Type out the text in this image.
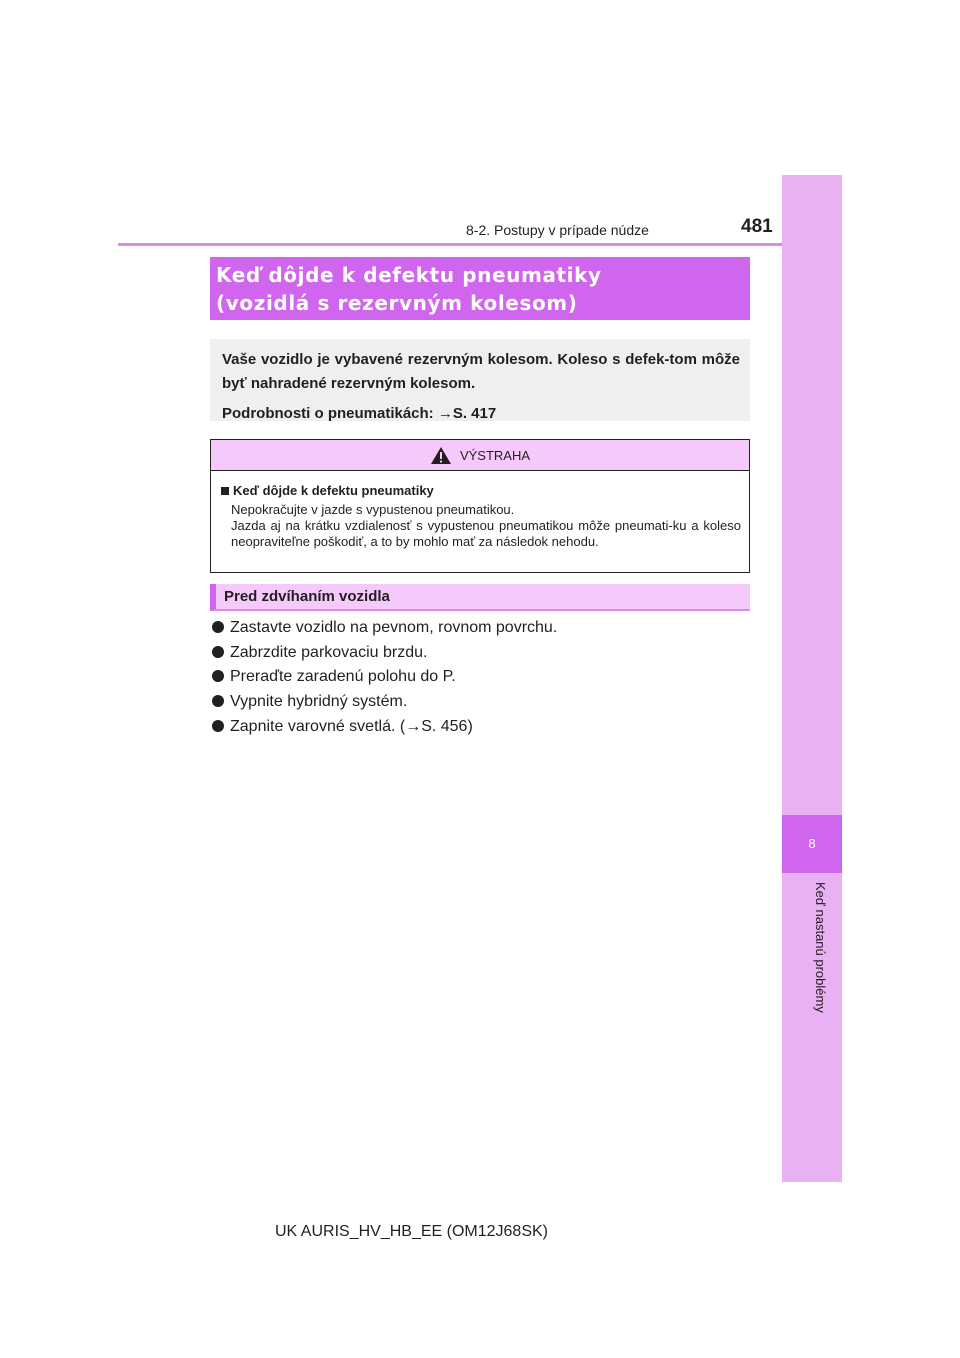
8
Keď nastanú problémy
8-2. Postupy v prípade núdze	481
Keď dôjde k defektu pneumatiky
(vozidlá s rezervným kolesom)

Vaše vozidlo je vybavené rezervným kolesom. Koleso s defek-tom môže byť nahradené rezervným kolesom.

Podrobnosti o pneumatikách: →S. 417

VÝSTRAHA
Keď dôjde k defektu pneumatiky
Nepokračujte v jazde s vypustenou pneumatikou.
Jazda aj na krátku vzdialenosť s vypustenou pneumatikou môže pneumati-ku a koleso neopraviteľne poškodiť, a to by mohlo mať za následok nehodu.
Pred zdvíhaním vozidla
Zastavte vozidlo na pevnom, rovnom povrchu.
Zabrzdite parkovaciu brzdu.
Preraďte zaradenú polohu do P.
Vypnite hybridný systém.
Zapnite varovné svetlá. (→S. 456)
UK AURIS_HV_HB_EE (OM12J68SK)
